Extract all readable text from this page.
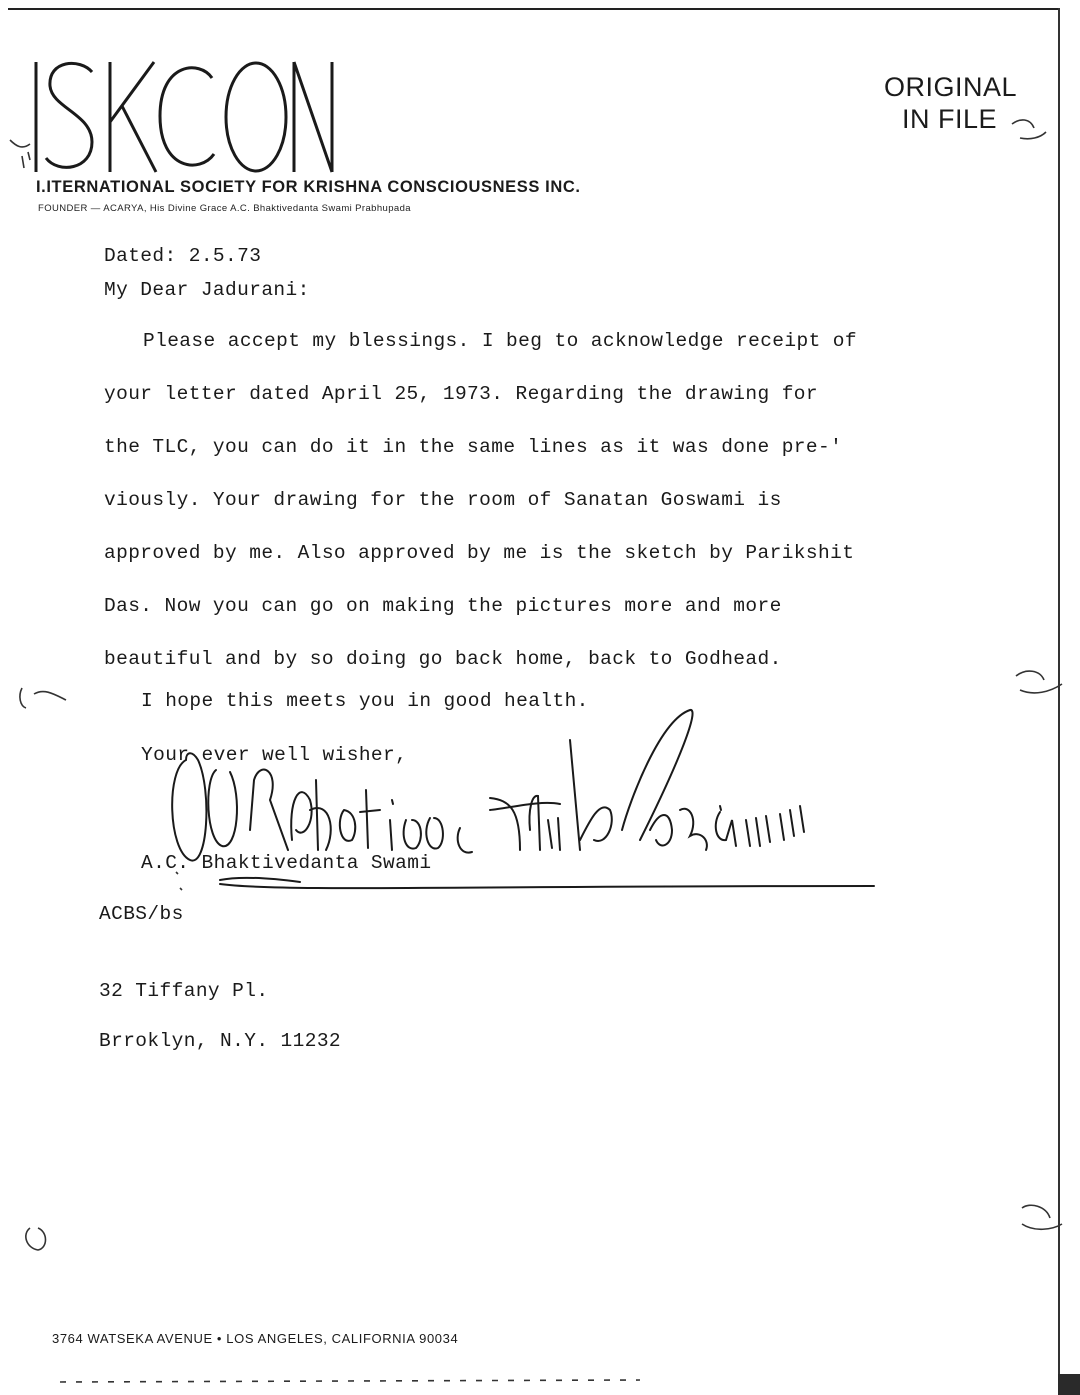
I.ITERNATIONAL SOCIETY FOR KRISHNA CONSCIOUSNESS INC.
FOUNDER — ACARYA, His Divine Grace A.C. Bhaktivedanta Swami Prabhupada
ORIGINAL
IN FILE
Dated: 2.5.73
My Dear Jadurani:
Please accept my blessings. I beg to acknowledge receipt of
your letter dated April 25, 1973. Regarding the drawing for
the TLC, you can do it in the same lines as it was done pre-'
viously. Your drawing for the room of Sanatan Goswami is
approved by me. Also approved by me is the sketch by Parikshit
Das. Now you can go on making the pictures more and more
beautiful and by so doing go back home, back to Godhead.
I hope this meets you in good health.
Your ever well wisher,
A.C. Bhaktivedanta Swami
ACBS/bs
32 Tiffany Pl.
Brroklyn, N.Y. 11232
3764 WATSEKA AVENUE • LOS ANGELES, CALIFORNIA 90034
